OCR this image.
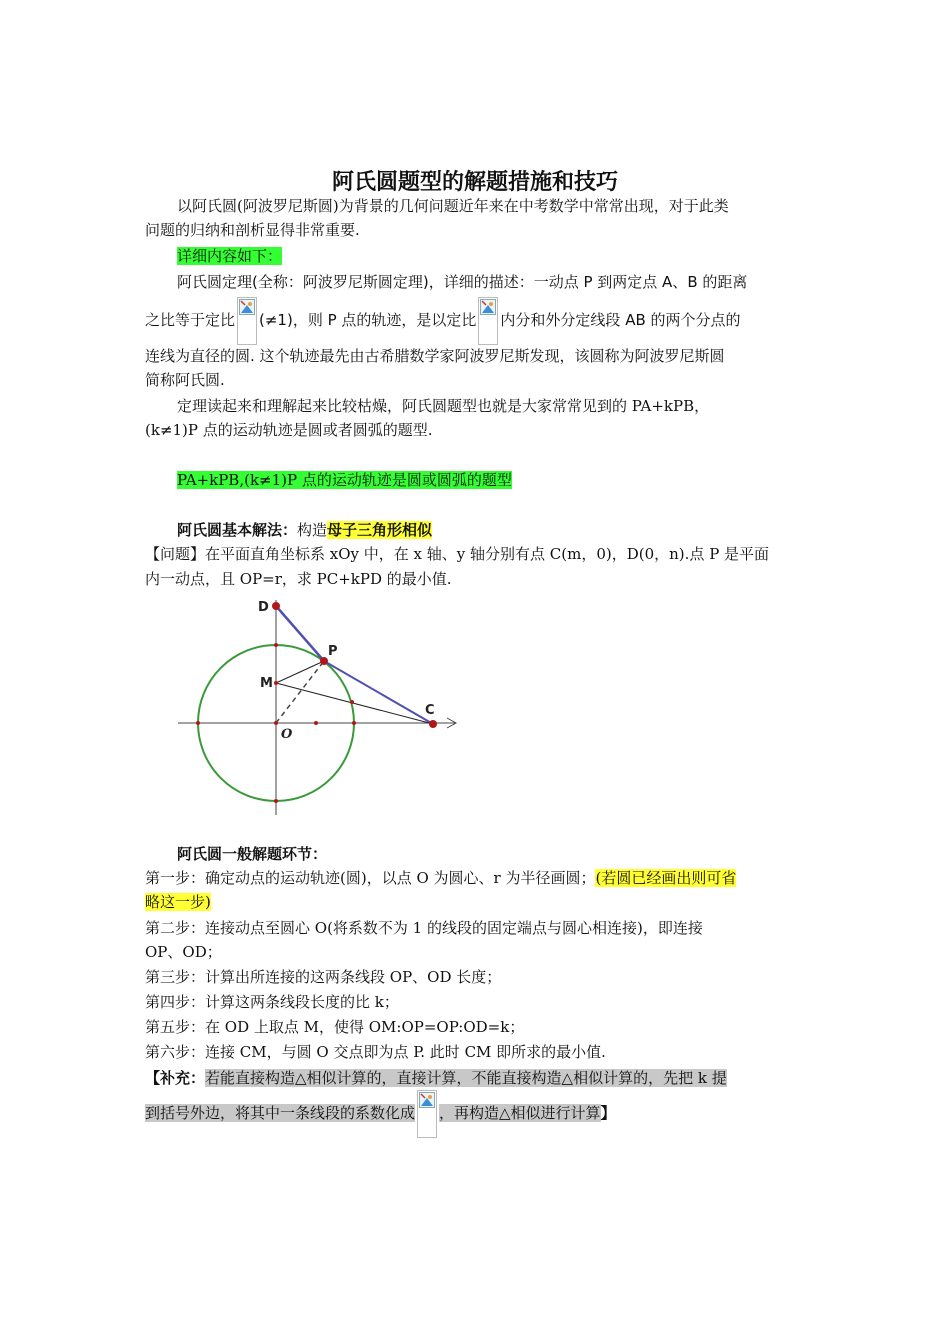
阿氏圆题型的解题措施和技巧
以阿氏圆(阿波罗尼斯圆)为背景的几何问题近年来在中考数学中常常出现，对于此类
问题的归纳和剖析显得非常重要.
详细内容如下：
阿氏圆定理(全称：阿波罗尼斯圆定理)，详细的描述：一动点 P 到两定点 A、B 的距离
之比等于定比 (≠1)，则 P 点的轨迹，是以定比 内分和外分定线段 AB 的两个分点的
连线为直径的圆. 这个轨迹最先由古希腊数学家阿波罗尼斯发现，该圆称为阿波罗尼斯圆
简称阿氏圆.
定理读起来和理解起来比较枯燥，阿氏圆题型也就是大家常常见到的 PA+kPB，
(k≠1)P 点的运动轨迹是圆或者圆弧的题型.
PA+kPB,(k≠1)P 点的运动轨迹是圆或圆弧的题型
阿氏圆基本解法：构造母子三角形相似
【问题】在平面直角坐标系 xOy 中，在 x 轴、y 轴分别有点 C(m，0)，D(0，n).点 P 是平面
内一动点，且 OP=r，求 PC+kPD 的最小值.
D
P
M
C
O
阿氏圆一般解题环节：
第一步：确定动点的运动轨迹(圆)，以点 O 为圆心、r 为半径画圆；(若圆已经画出则可省
略这一步)
第二步：连接动点至圆心 O(将系数不为 1 的线段的固定端点与圆心相连接)，即连接
OP、OD；
第三步：计算出所连接的这两条线段 OP、OD 长度；
第四步：计算这两条线段长度的比 k；
第五步：在 OD 上取点 M，使得 OM:OP=OP:OD=k；
第六步：连接 CM，与圆 O 交点即为点 P. 此时 CM 即所求的最小值.
【补充：若能直接构造△相似计算的，直接计算，不能直接构造△相似计算的，先把 k 提
到括号外边，将其中一条线段的系数化成 ，再构造△相似进行计算】
